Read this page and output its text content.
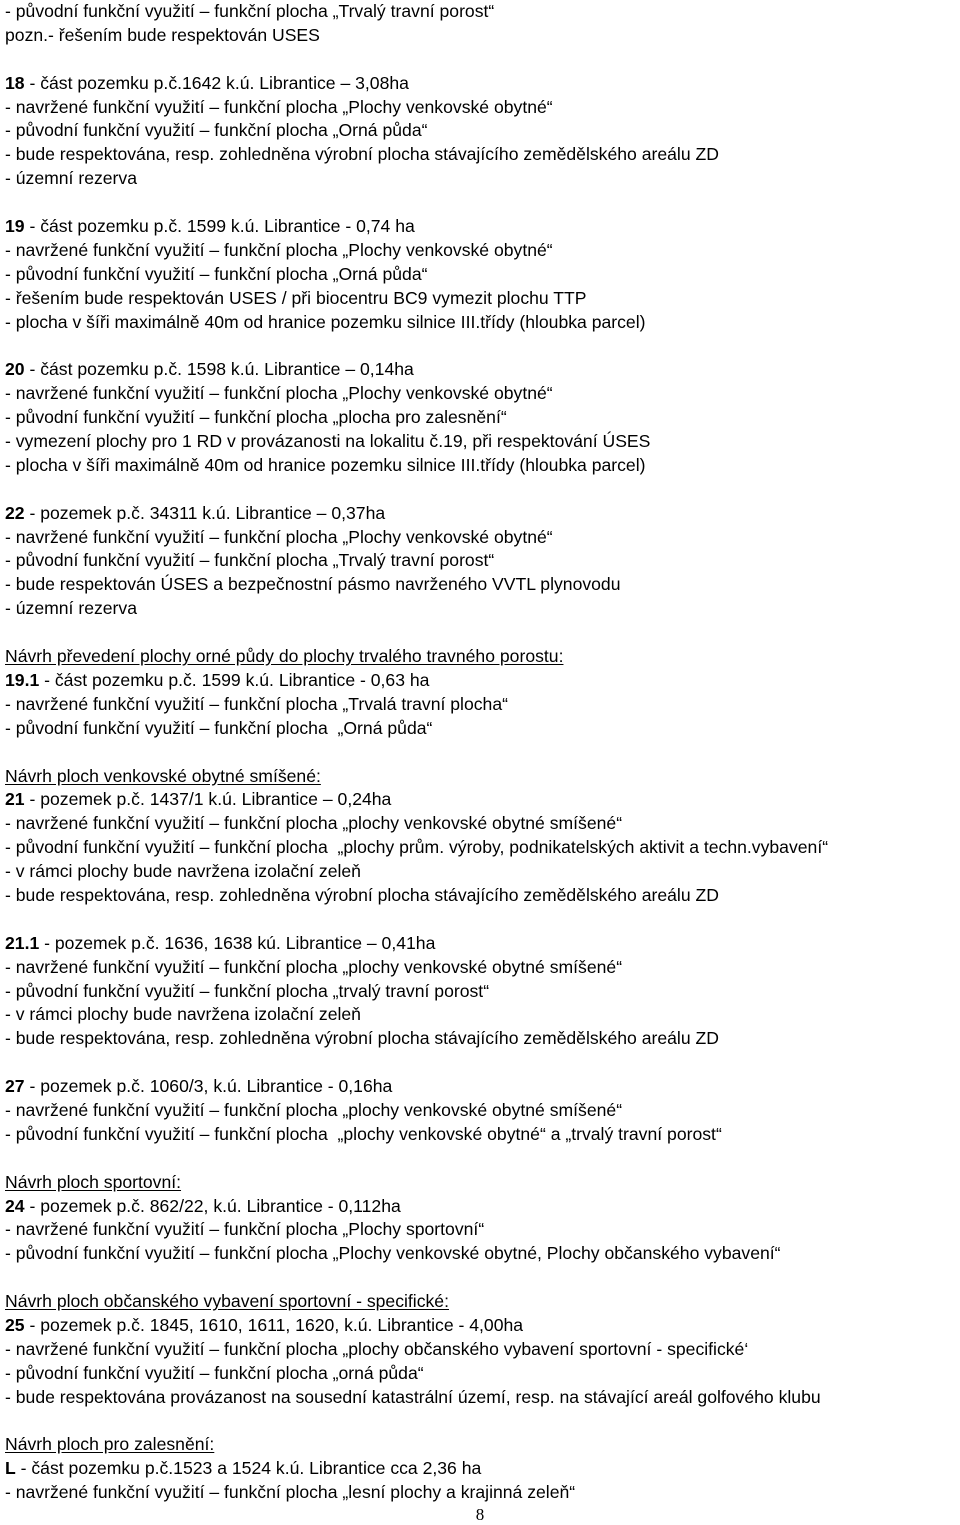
- původní funkční využití – funkční plocha „Trvalý travní porost“
pozn.- řešením bude respektován USES
18 - část pozemku p.č.1642 k.ú. Librantice – 3,08ha
- navržené funkční využití – funkční plocha „Plochy venkovské obytné“
- původní funkční využití – funkční plocha „Orná půda“
- bude respektována, resp. zohledněna výrobní plocha stávajícího zemědělského areálu ZD
- územní rezerva
19 - část pozemku p.č. 1599 k.ú. Librantice - 0,74 ha
- navržené funkční využití – funkční plocha „Plochy venkovské obytné“
- původní funkční využití – funkční plocha „Orná půda“
- řešením bude respektován USES / při biocentru BC9 vymezit plochu TTP
- plocha v šíři maximálně 40m od hranice pozemku silnice III.třídy (hloubka parcel)
20 - část pozemku p.č. 1598 k.ú. Librantice – 0,14ha
- navržené funkční využití – funkční plocha „Plochy venkovské obytné“
- původní funkční využití – funkční plocha „plocha pro zalesnění“
- vymezení plochy pro 1 RD v provázanosti na lokalitu č.19, při respektování ÚSES
- plocha v šíři maximálně 40m od hranice pozemku silnice III.třídy (hloubka parcel)
22 - pozemek p.č. 34311 k.ú. Librantice – 0,37ha
- navržené funkční využití – funkční plocha „Plochy venkovské obytné“
- původní funkční využití – funkční plocha „Trvalý travní porost“
- bude respektován ÚSES a bezpečnostní pásmo navrženého VVTL plynovodu
- územní rezerva
Návrh převedení plochy orné půdy do plochy trvalého travného porostu:
19.1 - část pozemku p.č. 1599 k.ú. Librantice - 0,63 ha
- navržené funkční využití – funkční plocha „Trvalá travní plocha“
- původní funkční využití – funkční plocha  „Orná půda“
Návrh ploch venkovské obytné smíšené:
21 - pozemek p.č. 1437/1 k.ú. Librantice – 0,24ha
- navržené funkční využití – funkční plocha „plochy venkovské obytné smíšené“
- původní funkční využití – funkční plocha  „plochy prům. výroby, podnikatelských aktivit a techn.vybavení“
- v rámci plochy bude navržena izolační zeleň
- bude respektována, resp. zohledněna výrobní plocha stávajícího zemědělského areálu ZD
21.1 - pozemek p.č. 1636, 1638 kú. Librantice – 0,41ha
- navržené funkční využití – funkční plocha „plochy venkovské obytné smíšené“
- původní funkční využití – funkční plocha „trvalý travní porost“
- v rámci plochy bude navržena izolační zeleň
- bude respektována, resp. zohledněna výrobní plocha stávajícího zemědělského areálu ZD
27 - pozemek p.č. 1060/3, k.ú. Librantice - 0,16ha
- navržené funkční využití – funkční plocha „plochy venkovské obytné smíšené“
- původní funkční využití – funkční plocha  „plochy venkovské obytné“ a „trvalý travní porost“
Návrh ploch sportovní:
24 - pozemek p.č. 862/22, k.ú. Librantice - 0,112ha
- navržené funkční využití – funkční plocha „Plochy sportovní“
- původní funkční využití – funkční plocha „Plochy venkovské obytné, Plochy občanského vybavení“
Návrh ploch občanského vybavení sportovní - specifické:
25 - pozemek p.č. 1845, 1610, 1611, 1620, k.ú. Librantice - 4,00ha
- navržené funkční využití – funkční plocha „plochy občanského vybavení sportovní - specifické‘
- původní funkční využití – funkční plocha „orná půda“
- bude respektována provázanost na sousední katastrální území, resp. na stávající areál golfového klubu
Návrh ploch pro zalesnění:
L - část pozemku p.č.1523 a 1524 k.ú. Librantice cca 2,36 ha
- navržené funkční využití – funkční plocha „lesní plochy a krajinná zeleň“
8
